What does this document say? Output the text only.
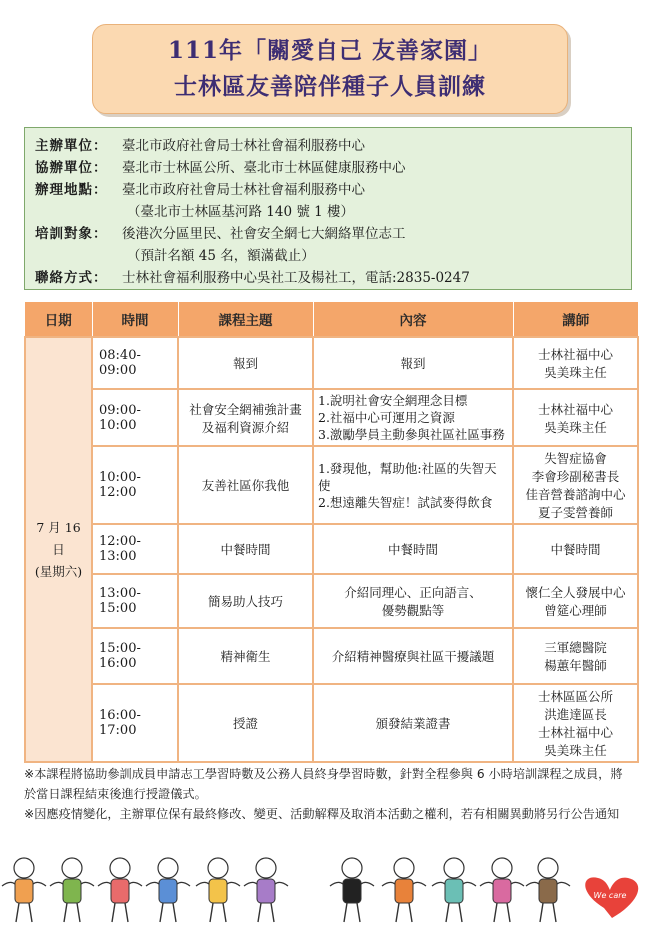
111年「關愛自己 友善家園」
士林區友善陪伴種子人員訓練
主辦單位： 臺北市政府社會局士林社會福利服務中心
協辦單位： 臺北市士林區公所、臺北市士林區健康服務中心
辦理地點： 臺北市政府社會局士林社會福利服務中心
（臺北市士林區基河路 140 號 1 樓）
培訓對象： 後港次分區里民、社會安全網七大網絡單位志工
（預計名額 45 名，額滿截止）
聯絡方式： 士林社會福利服務中心吳社工及楊社工，電話:2835-0247
日期	時間	課程主題	內容	講師

7 月 16 日
(星期六)	08:40-09:00	報到	報到	士林社福中心
吳美珠主任

	09:00-10:00	社會安全網補強計畫
及福利資源介紹	1.說明社會安全網理念目標
2.社福中心可運用之資源
3.激勵學員主動參與社區社區事務	士林社福中心
吳美珠主任

	10:00-12:00	友善社區你我他	1.發現他，幫助他:社區的失智天使
2.想遠離失智症！試試麥得飲食	失智症協會
李會珍副秘書長
佳音營養諮詢中心
夏子雯營養師

	12:00-13:00	中餐時間	中餐時間	中餐時間

	13:00-15:00	簡易助人技巧	介紹同理心、正向語言、
優勢觀點等	懷仁全人發展中心
曾筵心理師

	15:00-16:00	精神衛生	介紹精神醫療與社區干擾議題	三軍總醫院
楊蕙年醫師

	16:00-17:00	授證	頒發結業證書	士林區區公所
洪進達區長
士林社福中心
吳美珠主任
※本課程將協助參訓成員申請志工學習時數及公務人員終身學習時數，針對全程參與 6 小時培訓課程之成員，將於當日課程結束後進行授證儀式。
※因應疫情變化，主辦單位保有最終修改、變更、活動解釋及取消本活動之權利，若有相關異動將另行公告通知
We care
